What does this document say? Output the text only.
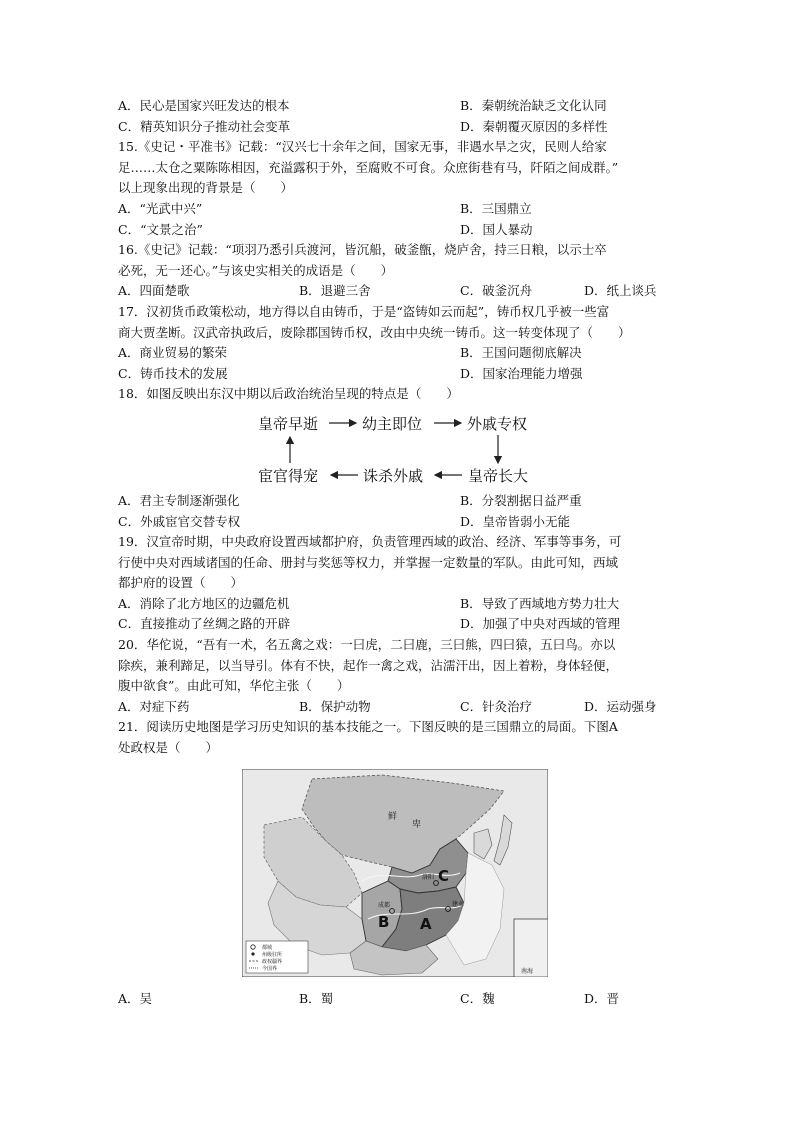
A．民心是国家兴旺发达的根本	B．秦朝统治缺乏文化认同
C．精英知识分子推动社会变革	D．秦朝覆灭原因的多样性
15.《史记・平准书》记载：“汉兴七十余年之间，国家无事，非遇水旱之灾，民则人给家
足……太仓之粟陈陈相因，充溢露积于外，至腐败不可食。众庶街巷有马，阡陌之间成群。”
以上现象出现的背景是（　　）
A．“光武中兴”	B．三国鼎立
C．“文景之治”	D．国人暴动
16.《史记》记载：“项羽乃悉引兵渡河，皆沉船，破釜甑，烧庐舍，持三日粮，以示士卒
必死，无一还心。”与该史实相关的成语是（　　）
A．四面楚歌	B．退避三舍	C．破釜沉舟	D．纸上谈兵
17．汉初货币政策松动，地方得以自由铸币，于是“盗铸如云而起”，铸币权几乎被一些富
商大贾垄断。汉武帝执政后，废除郡国铸币权，改由中央统一铸币。这一转变体现了（　　）
A．商业贸易的繁荣	B．王国问题彻底解决
C．铸币技术的发展	D．国家治理能力增强
18．如图反映出东汉中期以后政治统治呈现的特点是（　　）
皇帝早逝	幼主即位	外戚专权
皇帝长大
诛杀外戚
宦官得宠
A．君主专制逐渐强化	B．分裂割据日益严重
C．外戚宦官交替专权	D．皇帝皆弱小无能
19．汉宣帝时期，中央政府设置西域都护府，负责管理西域的政治、经济、军事等事务，可
行使中央对西域诸国的任命、册封与奖惩等权力，并掌握一定数量的军队。由此可知，西域
都护府的设置（　　）
A．消除了北方地区的边疆危机	B．导致了西域地方势力壮大
C．直接推动了丝绸之路的开辟	D．加强了中央对西域的管理
20．华佗说，“吾有一术，名五禽之戏：一曰虎，二曰鹿，三曰熊，四曰猿，五曰鸟。亦以
除疾，兼利蹄足，以当导引。体有不快，起作一禽之戏，沾濡汗出，因上着粉，身体轻便，
腹中欲食”。由此可知，华佗主张（　　）
A．对症下药	B．保护动物	C．针灸治疗	D．运动强身
21．阅读历史地图是学习历史知识的基本技能之一。下图反映的是三国鼎立的局面。下图A
处政权是（　　）
鲜
卑
洛阳
成都	建业
C
B A
南海
都城
州级驻所
政权疆界
今国界
A．吴	B．蜀	C．魏	D．晋
